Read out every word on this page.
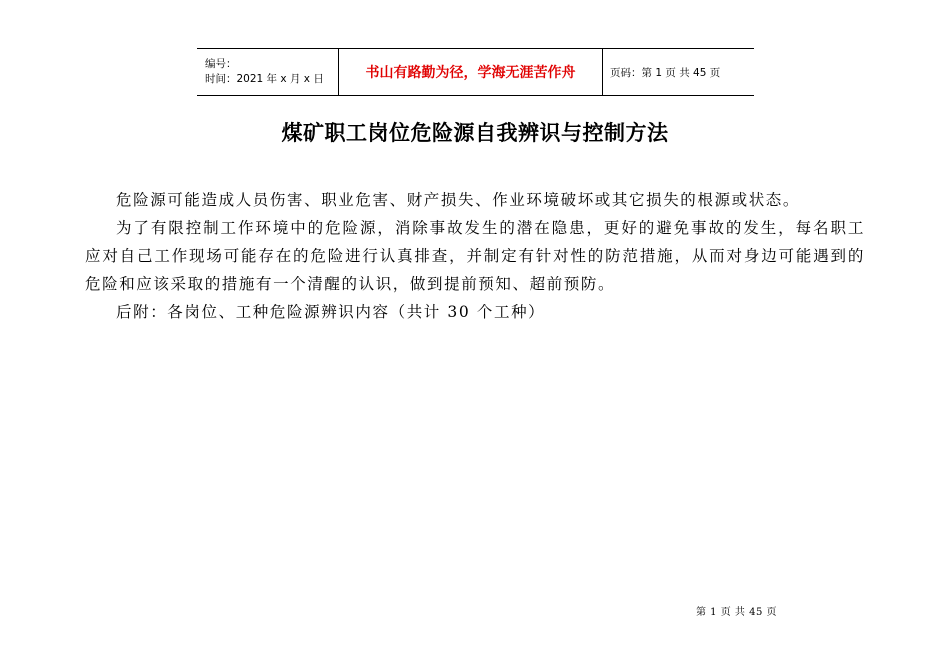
编号：
时间：2021 年 x 月 x 日	书山有路勤为径，学海无涯苦作舟	页码：第 1 页 共 45 页
煤矿职工岗位危险源自我辨识与控制方法

危险源可能造成人员伤害、职业危害、财产损失、作业环境破坏或其它损失的根源或状态。

为了有限控制工作环境中的危险源，消除事故发生的潜在隐患，更好的避免事故的发生，每名职工应对自己工作现场可能存在的危险进行认真排查，并制定有针对性的防范措施，从而对身边可能遇到的危险和应该采取的措施有一个清醒的认识，做到提前预知、超前预防。

后附：各岗位、工种危险源辨识内容（共计 30 个工种）

第 1 页 共 45 页
